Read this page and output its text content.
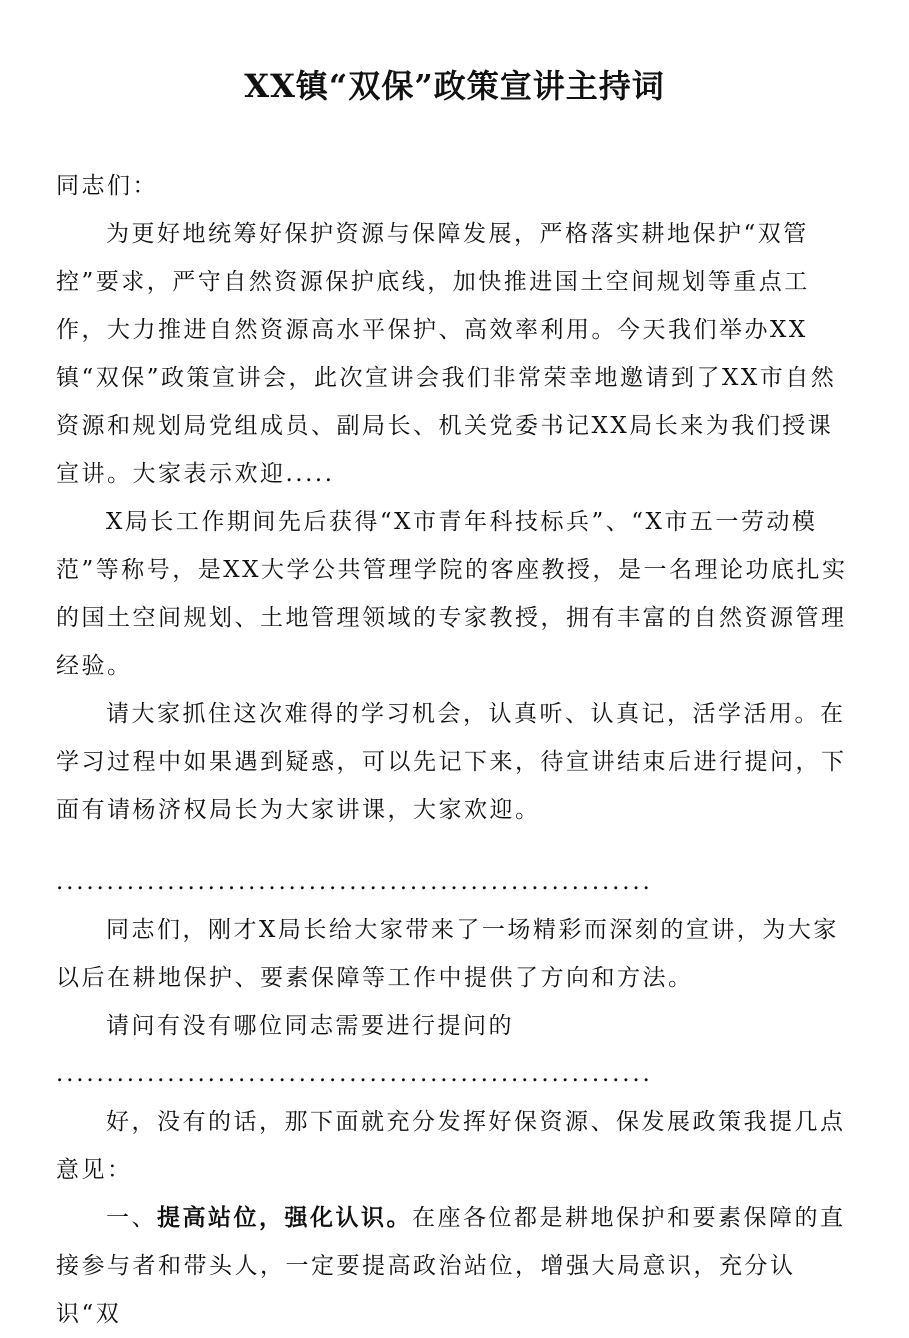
XX镇“双保”政策宣讲主持词

同志们：

为更好地统筹好保护资源与保障发展，严格落实耕地保护“双管控”要求，严守自然资源保护底线，加快推进国土空间规划等重点工作，大力推进自然资源高水平保护、高效率利用。今天我们举办XX镇“双保”政策宣讲会，此次宣讲会我们非常荣幸地邀请到了XX市自然资源和规划局党组成员、副局长、机关党委书记XX局长来为我们授课宣讲。大家表示欢迎.....

X局长工作期间先后获得“X市青年科技标兵”、“X市五一劳动模范”等称号，是XX大学公共管理学院的客座教授，是一名理论功底扎实的国土空间规划、土地管理领域的专家教授，拥有丰富的自然资源管理经验。

请大家抓住这次难得的学习机会，认真听、认真记，活学活用。在学习过程中如果遇到疑惑，可以先记下来，待宣讲结束后进行提问，下面有请杨济权局长为大家讲课，大家欢迎。

...........................................................

同志们，刚才X局长给大家带来了一场精彩而深刻的宣讲，为大家以后在耕地保护、要素保障等工作中提供了方向和方法。

请问有没有哪位同志需要进行提问的

...........................................................

好，没有的话，那下面就充分发挥好保资源、保发展政策我提几点意见：

一、提高站位，强化认识。在座各位都是耕地保护和要素保障的直接参与者和带头人，一定要提高政治站位，增强大局意识，充分认识“双
